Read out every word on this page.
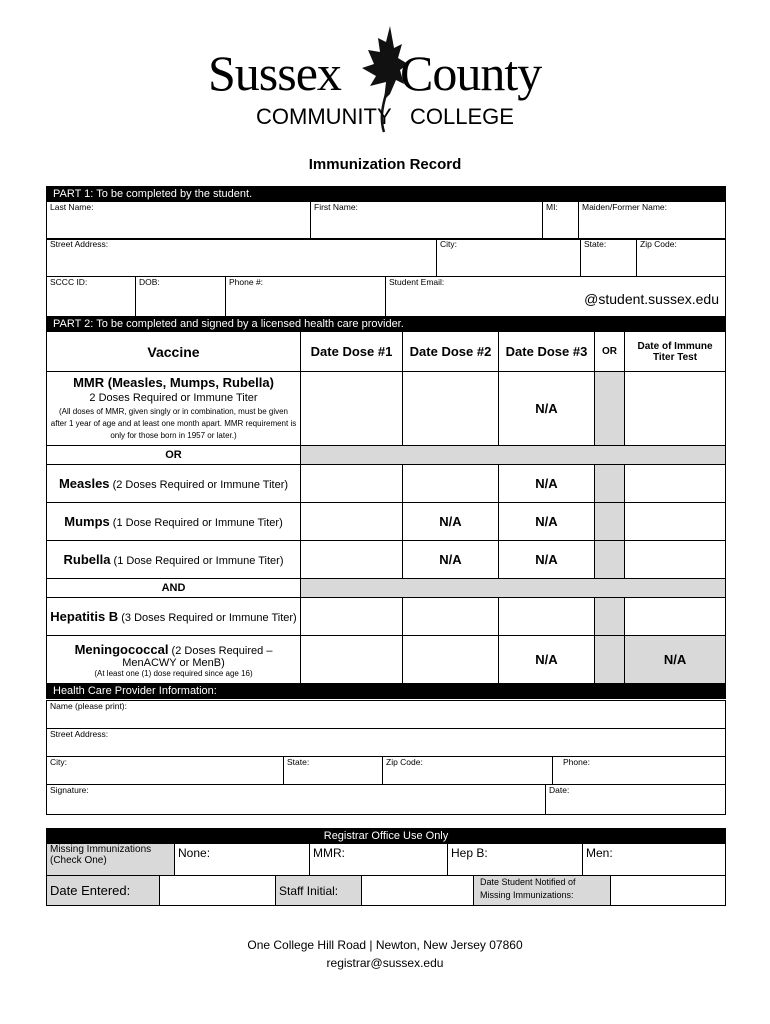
Sussex County
COMMUNITY COLLEGE
Immunization Record
PART 1: To be completed by the student.
Last Name:	First Name:	MI:	Maiden/Former Name:
Street Address:	City:	State:	Zip Code:
SCCC ID:	DOB:	Phone #:	Student Email:
@student.sussex.edu
PART 2: To be completed and signed by a licensed health care provider.					
Vaccine	Date Dose #1	Date Dose #2	Date Dose #3	OR	Date of Immune Titer Test

MMR (Measles, Mumps, Rubella)
2 Doses Required or Immune Titer
(All doses of MMR, given singly or in combination, must be given after 1 year of age and at least one month apart. MMR requirement is only for those born in 1957 or later.)			N/A		
OR					
Measles (2 Doses Required or Immune Titer)			N/A		
Mumps (1 Dose Required or Immune Titer)		N/A	N/A		
Rubella (1 Dose Required or Immune Titer)		N/A	N/A		
AND					
Hepatitis B (3 Doses Required or Immune Titer)					
Meningococcal (2 Doses Required – MenACWY or MenB)
(At least one (1) dose required since age 16)			N/A		N/A
Health Care Provider Information:					
Name (please print):
Street Address:
City:	State:	Zip Code:	Phone:
Signature:	Date:
Registrar Office Use Only
Missing Immunizations (Check One)	None:	MMR:	Hep B:	Men:
Date Entered:		Staff Initial:		Date Student Notified of Missing Immunizations:	
One College Hill Road | Newton, New Jersey 07860
registrar@sussex.edu
